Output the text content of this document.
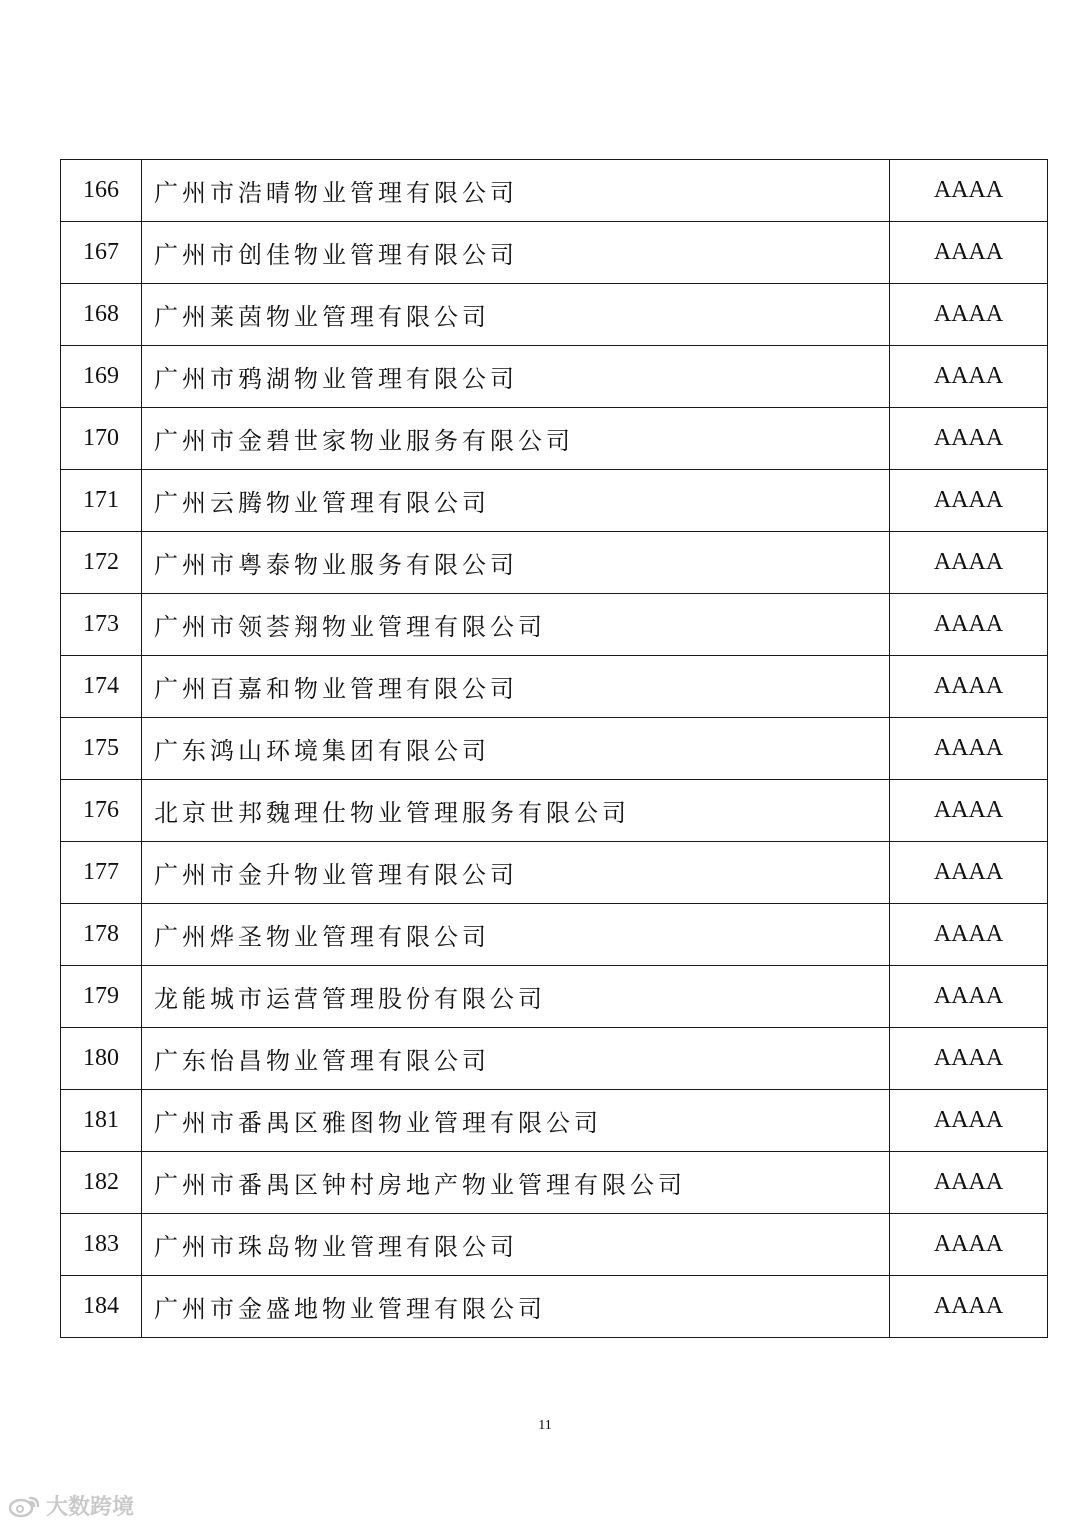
166	广州市浩晴物业管理有限公司	AAAA
167	广州市创佳物业管理有限公司	AAAA
168	广州莱茵物业管理有限公司	AAAA
169	广州市鸦湖物业管理有限公司	AAAA
170	广州市金碧世家物业服务有限公司	AAAA
171	广州云腾物业管理有限公司	AAAA
172	广州市粤泰物业服务有限公司	AAAA
173	广州市领荟翔物业管理有限公司	AAAA
174	广州百嘉和物业管理有限公司	AAAA
175	广东鸿山环境集团有限公司	AAAA
176	北京世邦魏理仕物业管理服务有限公司	AAAA
177	广州市金升物业管理有限公司	AAAA
178	广州烨圣物业管理有限公司	AAAA
179	龙能城市运营管理股份有限公司	AAAA
180	广东怡昌物业管理有限公司	AAAA
181	广州市番禺区雅图物业管理有限公司	AAAA
182	广州市番禺区钟村房地产物业管理有限公司	AAAA
183	广州市珠岛物业管理有限公司	AAAA
184	广州市金盛地物业管理有限公司	AAAA
11
大数跨境
